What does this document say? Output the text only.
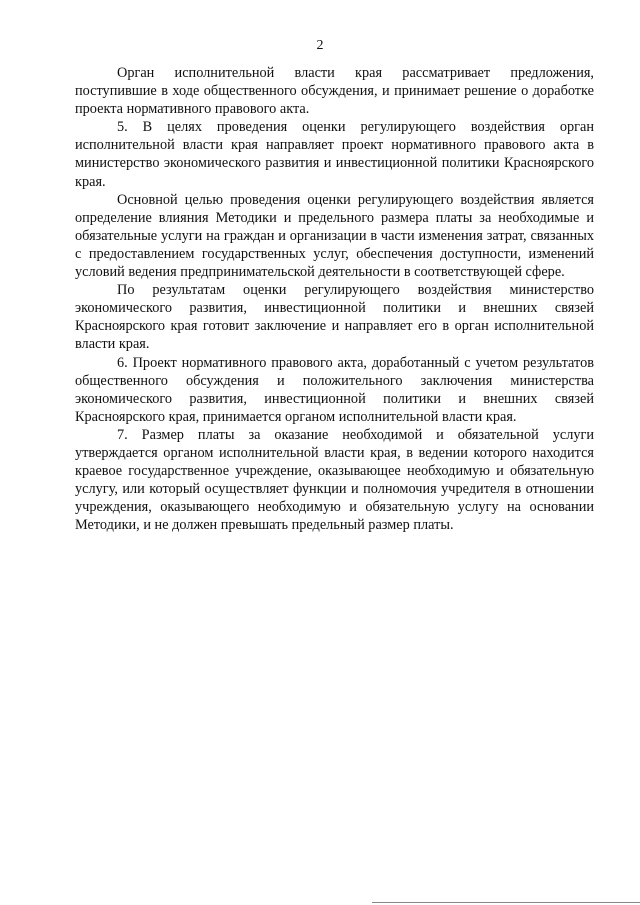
2

Орган исполнительной власти края рассматривает предложения, поступившие в ходе общественного обсуждения, и принимает решение о доработке проекта нормативного правового акта.

5. В целях проведения оценки регулирующего воздействия орган исполнительной власти края направляет проект нормативного правового акта в министерство экономического развития и инвестиционной политики Красноярского края.

Основной целью проведения оценки регулирующего воздействия является определение влияния Методики и предельного размера платы за необходимые и обязательные услуги на граждан и организации в части изменения затрат, связанных с предоставлением государственных услуг, обеспечения доступности, изменений условий ведения предпринимательской деятельности в соответствующей сфере.

По результатам оценки регулирующего воздействия министерство экономического развития, инвестиционной политики и внешних связей Красноярского края готовит заключение и направляет его в орган исполнительной власти края.

6. Проект нормативного правового акта, доработанный с учетом результатов общественного обсуждения и положительного заключения министерства экономического развития, инвестиционной политики и внешних связей Красноярского края, принимается органом исполнительной власти края.

7. Размер платы за оказание необходимой и обязательной услуги утверждается органом исполнительной власти края, в ведении которого находится краевое государственное учреждение, оказывающее необходимую и обязательную услугу, или который осуществляет функции и полномочия учредителя в отношении учреждения, оказывающего необходимую и обязательную услугу на основании Методики, и не должен превышать предельный размер платы.
